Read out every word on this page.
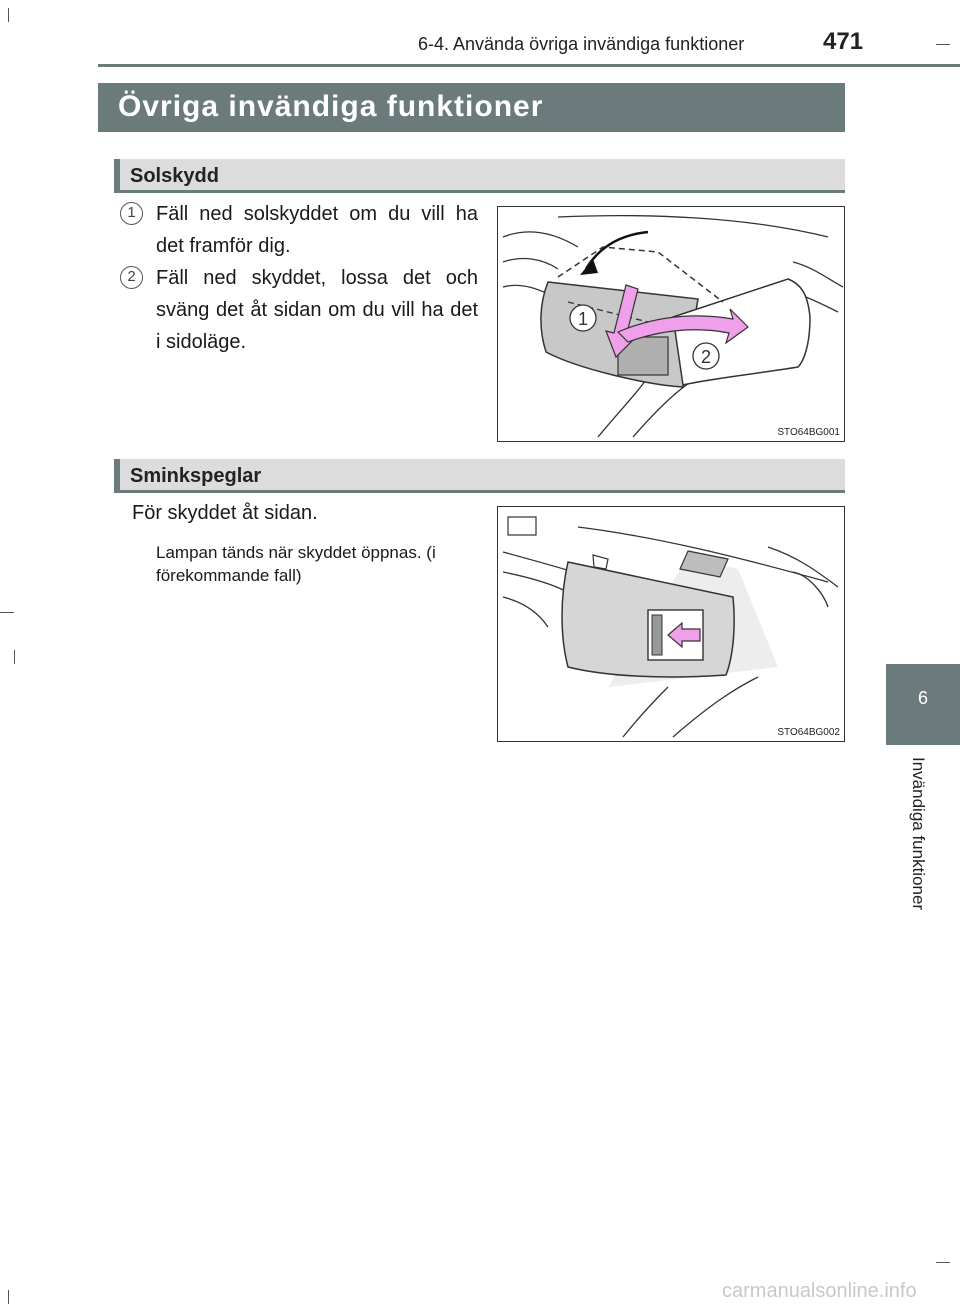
6-4. Använda övriga invändiga funktioner	471
Övriga invändiga funktioner
Solskydd
1	Fäll ned solskyddet om du vill ha det framför dig.
2	Fäll ned skyddet, lossa det och sväng det åt sidan om du vill ha det i sidoläge.
1
2
STO64BG001
Sminkspeglar
För skyddet åt sidan.
Lampan tänds när skyddet öppnas. (i förekommande fall)
STO64BG002
6
Invändiga funktioner
carmanualsonline.info
